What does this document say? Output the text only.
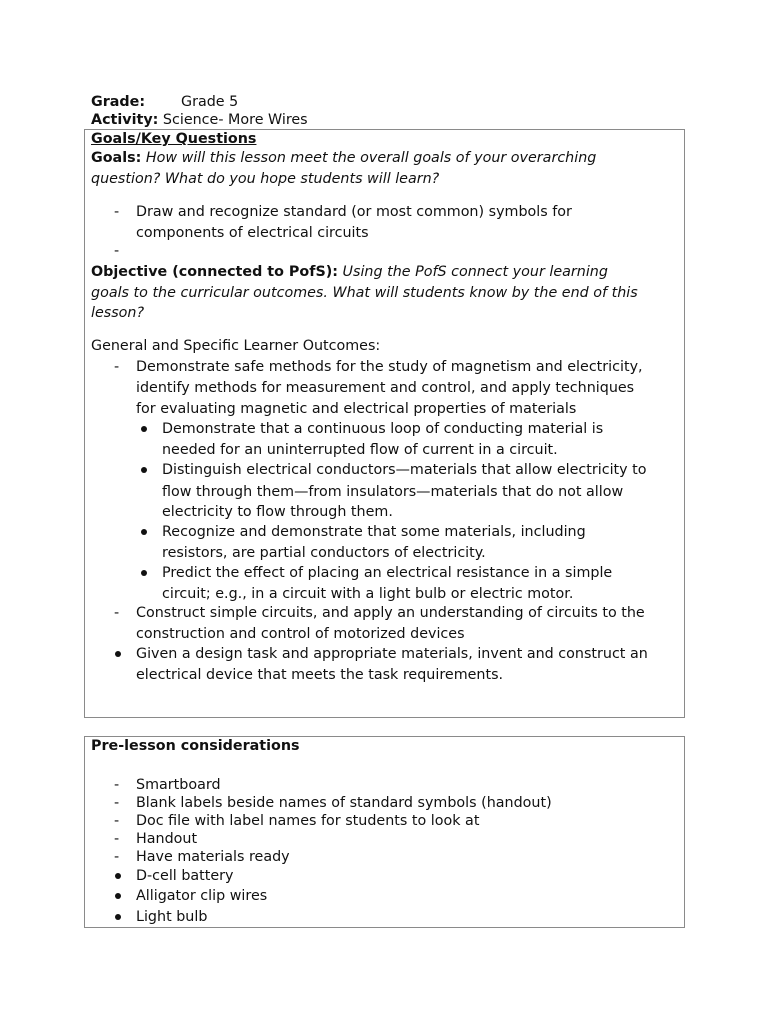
Grade:	Grade 5
Activity: Science- More Wires
Goals/Key Questions
Goals: How will this lesson meet the overall goals of your overarching
question? What do you hope students will learn?
-	Draw and recognize standard (or most common) symbols for
components of electrical circuits
-
Objective (connected to PofS): Using the PofS connect your learning
goals to the curricular outcomes. What will students know by the end of this
lesson?
General and Specific Learner Outcomes:
-	Demonstrate safe methods for the study of magnetism and electricity,
identify methods for measurement and control, and apply techniques
for evaluating magnetic and electrical properties of materials
Demonstrate that a continuous loop of conducting material is
needed for an uninterrupted flow of current in a circuit.
Distinguish electrical conductors—materials that allow electricity to
flow through them—from insulators—materials that do not allow
electricity to flow through them.
Recognize and demonstrate that some materials, including
resistors, are partial conductors of electricity.
Predict the effect of placing an electrical resistance in a simple
circuit; e.g., in a circuit with a light bulb or electric motor.
-	Construct simple circuits, and apply an understanding of circuits to the
construction and control of motorized devices
Given a design task and appropriate materials, invent and construct an
electrical device that meets the task requirements.
Pre-lesson considerations
-	Smartboard
-	Blank labels beside names of standard symbols (handout)
-	Doc file with label names for students to look at
-	Handout
-	Have materials ready
D-cell battery
Alligator clip wires
Light bulb
